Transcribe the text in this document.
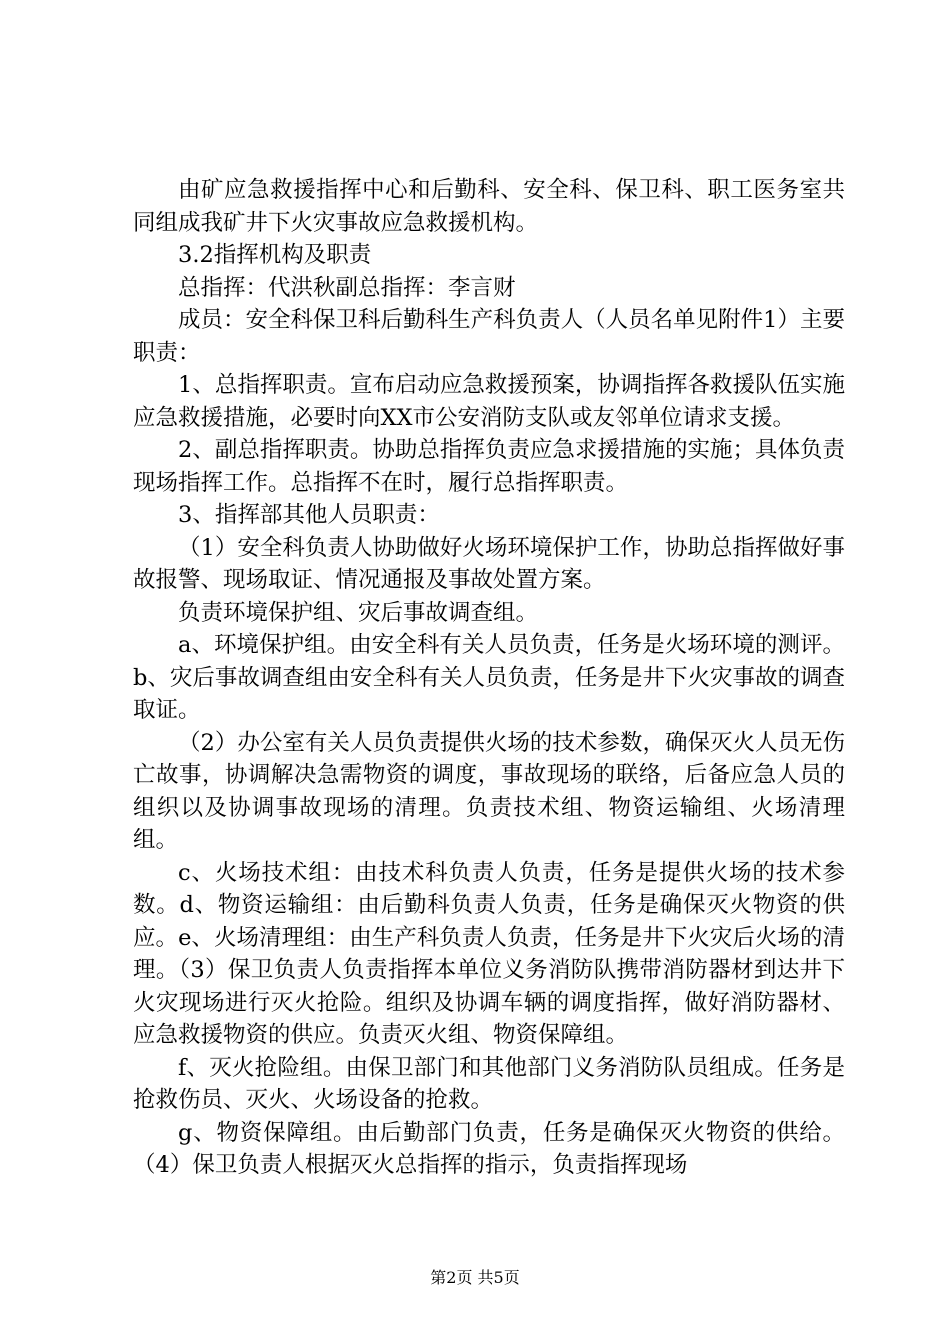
由矿应急救援指挥中心和后勤科、安全科、保卫科、职工医务室共同组成我矿井下火灾事故应急救援机构。

3.2指挥机构及职责

总指挥：代洪秋副总指挥：李言财

成员：安全科保卫科后勤科生产科负责人（人员名单见附件1）主要职责：

1、总指挥职责。宣布启动应急救援预案，协调指挥各救援队伍实施应急救援措施，必要时向XX市公安消防支队或友邻单位请求支援。

2、副总指挥职责。协助总指挥负责应急求援措施的实施；具体负责现场指挥工作。总指挥不在时，履行总指挥职责。

3、指挥部其他人员职责：

（1）安全科负责人协助做好火场环境保护工作，协助总指挥做好事故报警、现场取证、情况通报及事故处置方案。

负责环境保护组、灾后事故调查组。

a、环境保护组。由安全科有关人员负责，任务是火场环境的测评。b、灾后事故调查组由安全科有关人员负责，任务是井下火灾事故的调查取证。

（2）办公室有关人员负责提供火场的技术参数，确保灭火人员无伤亡故事，协调解决急需物资的调度，事故现场的联络，后备应急人员的组织以及协调事故现场的清理。负责技术组、物资运输组、火场清理组。

c、火场技术组：由技术科负责人负责，任务是提供火场的技术参数。d、物资运输组：由后勤科负责人负责，任务是确保灭火物资的供应。e、火场清理组：由生产科负责人负责，任务是井下火灾后火场的清理。（3）保卫负责人负责指挥本单位义务消防队携带消防器材到达井下火灾现场进行灭火抢险。组织及协调车辆的调度指挥，做好消防器材、应急救援物资的供应。负责灭火组、物资保障组。

f、灭火抢险组。由保卫部门和其他部门义务消防队员组成。任务是抢救伤员、灭火、火场设备的抢救。

g、物资保障组。由后勤部门负责，任务是确保灭火物资的供给。（4）保卫负责人根据灭火总指挥的指示，负责指挥现场

第2页 共5页
